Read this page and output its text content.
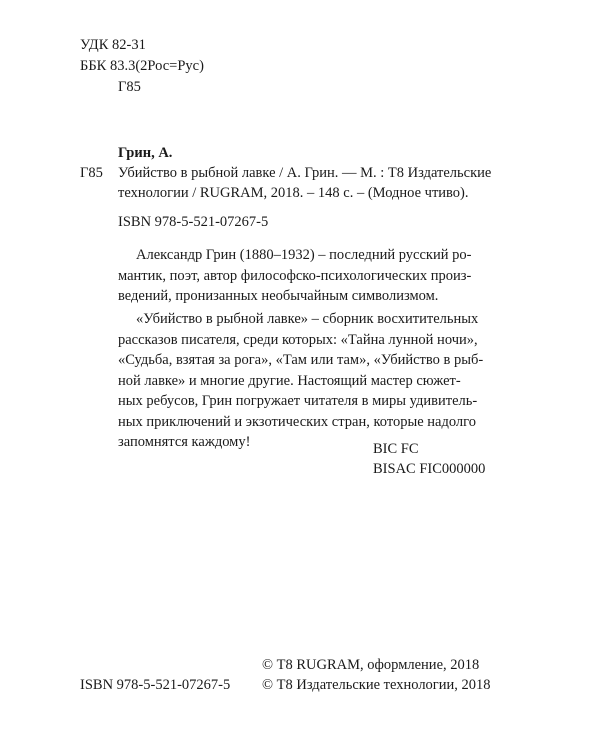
УДК 82-31
ББК 83.3(2Рос=Рус)
Г85
Грин, А.
Г85 Убийство в рыбной лавке / А. Грин. — М. : Т8 Издательские
технологии / RUGRAM, 2018. – 148 с. – (Модное чтиво).
ISBN 978-5-521-07267-5
Александр Грин (1880–1932) – последний русский ро-
мантик, поэт, автор философско-психологических произ-
ведений, пронизанных необычайным символизмом.
«Убийство в рыбной лавке» – сборник восхитительных
рассказов писателя, среди которых: «Тайна лунной ночи»,
«Судьба, взятая за рога», «Там или там», «Убийство в рыб-
ной лавке» и многие другие. Настоящий мастер сюжет-
ных ребусов, Грин погружает читателя в миры удивитель-
ных приключений и экзотических стран, которые надолго
запомнятся каждому!	BIC FC
BISAC FIC000000
© Т8 RUGRAM, оформление, 2018
ISBN 978-5-521-07267-5 © Т8 Издательские технологии, 2018
